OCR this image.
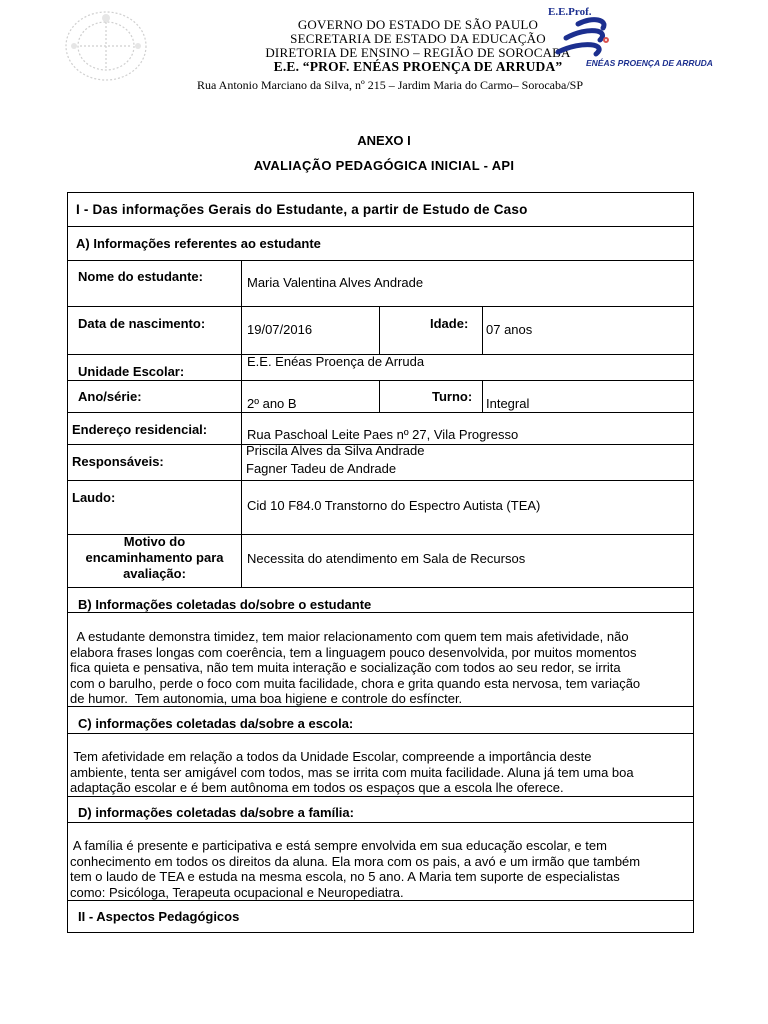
GOVERNO DO ESTADO DE SÃO PAULO
SECRETARIA DE ESTADO DA EDUCAÇÃO
DIRETORIA DE ENSINO – REGIÃO DE SOROCABA
E.E. “PROF. ENÉAS PROENÇA DE ARRUDA”
Rua Antonio Marciano da Silva, nº 215 – Jardim Maria do Carmo– Sorocaba/SP
E.E.Prof.
ENÉAS PROENÇA DE ARRUDA
ANEXO I
AVALIAÇÃO PEDAGÓGICA INICIAL - API
I - Das informações Gerais do Estudante, a partir de Estudo de Caso
A) Informações referentes ao estudante
Nome do estudante:	Maria Valentina Alves Andrade
Data de nascimento:	19/07/2016	Idade: 07 anos
Unidade Escolar:
E.E. Enéas Proença de Arruda
Ano/série:	2º ano B	Turno: Integral
Endereço residencial:	Rua Paschoal Leite Paes nº 27, Vila Progresso
Responsáveis:
Priscila Alves da Silva Andrade
Fagner Tadeu de Andrade
Laudo:
Cid 10 F84.0 Transtorno do Espectro Autista (TEA)
Motivo do
encaminhamento para
avaliação:
Necessita do atendimento em Sala de Recursos
B) Informações coletadas do/sobre o estudante
A estudante demonstra timidez, tem maior relacionamento com quem tem mais afetividade, não
elabora frases longas com coerência, tem a linguagem pouco desenvolvida, por muitos momentos
fica quieta e pensativa, não tem muita interação e socialização com todos ao seu redor, se irrita
com o barulho, perde o foco com muita facilidade, chora e grita quando esta nervosa, tem variação
de humor.  Tem autonomia, uma boa higiene e controle do esfíncter.
C) informações coletadas da/sobre a escola:
Tem afetividade em relação a todos da Unidade Escolar, compreende a importância deste
ambiente, tenta ser amigável com todos, mas se irrita com muita facilidade. Aluna já tem uma boa
adaptação escolar e é bem autônoma em todos os espaços que a escola lhe oferece.
D) informações coletadas da/sobre a família:
A família é presente e participativa e está sempre envolvida em sua educação escolar, e tem
conhecimento em todos os direitos da aluna. Ela mora com os pais, a avó e um irmão que também
tem o laudo de TEA e estuda na mesma escola, no 5 ano. A Maria tem suporte de especialistas
como: Psicóloga, Terapeuta ocupacional e Neuropediatra.
II - Aspectos Pedagógicos
